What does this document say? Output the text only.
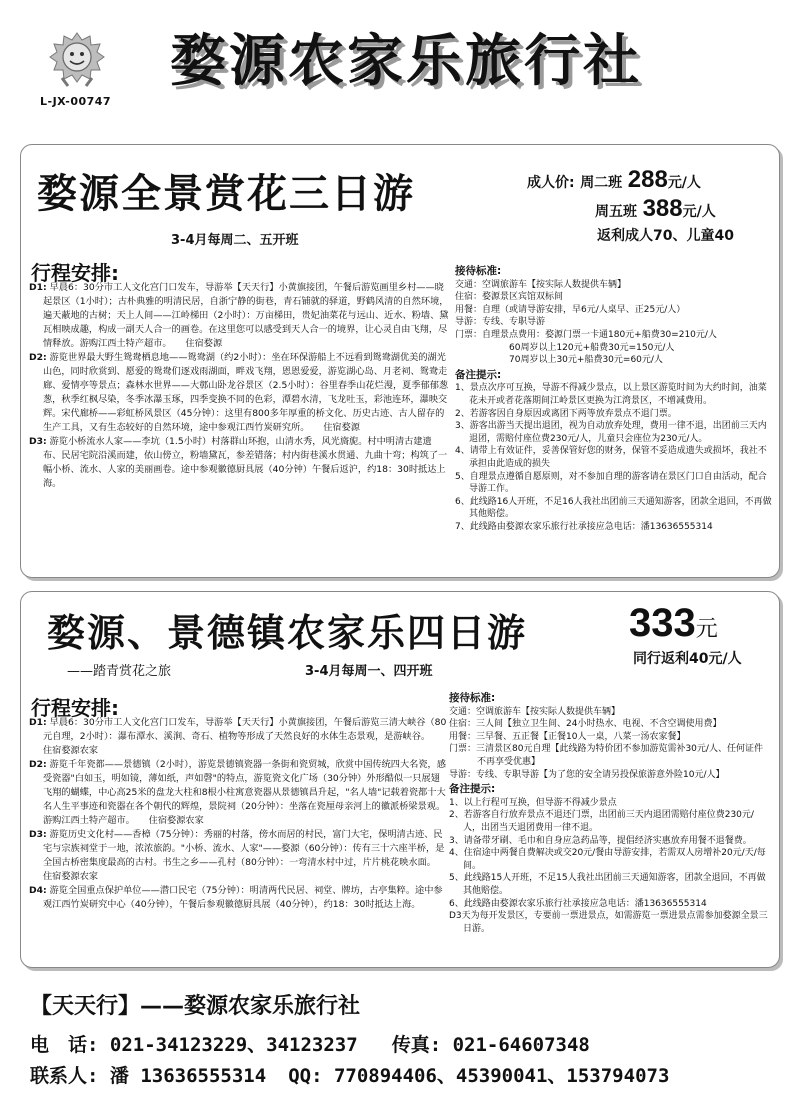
L-JX-00747
婺源农家乐旅行社
婺源全景赏花三日游
3-4月每周二、五开班
成人价: 周二班 288元/人
周五班 388元/人
返利成人70、儿童40
行程安排:

D1: 早晨6：30分市工人文化宫门口发车，导游举【天天行】小黄旗接团，午餐后游览画里乡村——晓起景区（1小时）；古朴典雅的明清民居，自浙宁静的街巷，青石铺就的驿道，野鹤风清的自然环境，遍天蔽地的古树；天上人间——江岭梯田（2小时）：万亩梯田，贵妃油菜花与远山、近水、粉墙、黛瓦相映成趣，构成一副天人合一的画卷。在这里您可以感受到天人合一的境界，让心灵自由飞翔，尽情释放。游购江西土特产超市。　　住宿婺源

D2: 游览世界最大野生鸳鸯栖息地——鸳鸯湖（约2小时）：坐在环保游船上不远看到鸳鸯湖优美的湖光山色，同时欣赏到、愿爱的鸳鸯们逐戏雨湖面，畔戏飞翔，恩恩爱爱，游览湖心岛、月老祠、鸳鸯走廊、爱情亭等景点；森林水世界——大鄣山卧龙谷景区（2.5小时）：谷里春季山花烂漫，夏季郁郁葱葱，秋季红枫尽染，冬季冰瀑玉琢，四季变换不同的色彩，潭碧水清，飞龙吐玉，彩池连环，瀑映交辉。宋代廊桥——彩虹桥风景区（45分钟）：这里有800多年厚重的桥文化、历史古迹、古人留存的生产工具，又有生态较好的自然环境，途中参观江西竹炭研究所。　　住宿婺源

D3: 游览小桥流水人家——李坑（1.5小时）村落群山环抱，山清水秀，风光旖旎。村中明清古建遗布、民居宅院沿溪而建，依山傍立，粉墙黛瓦，参差错落；村内街巷溪水贯通、九曲十弯；构筑了一幅小桥、流水、人家的美丽画卷。途中参观徽德厨具展（40分钟）午餐后返沪，约18：30时抵达上海。

接待标准:
交通：空调旅游车【按实际人数提供车辆】
住宿：婺源景区宾馆双标间
用餐：自理（或请导游安排，早6元/人桌早、正25元/人）
导游：专线、专职导游
门票：自理景点费用：婺源门票一卡通180元+船费30=210元/人
60周岁以上120元+船费30元=150元/人
70周岁以上30元+船费30元=60元/人
备注提示:
1、景点次序可互换，导游不得减少景点，以上景区游览时间为大约时间，油菜花未开或者花落期间江岭景区更换为江湾景区，不增减费用。
2、若游客因自身原因或离团下两等放弃景点不退门票。
3、游客出游当天提出退团，视为自动放弃处理，费用一律不退，出团前三天内退团，需赔付座位费230元/人，儿童只会座位为230元/人。
4、请带上有效证件，妥善保管好您的财务，保管不妥造成遗失或损坏，我社不承担由此造成的损失
5、自理景点遵循自愿原则，对不参加自理的游客请在景区门口自由活动，配合导游工作。
6、此线路16人开班，不足16人我社出团前三天通知游客，团款全退回，不再做其他赔偿。
7、此线路由婺源农家乐旅行社承接应急电话：潘13636555314
婺源、景德镇农家乐四日游
——踏青赏花之旅	3-4月每周一、四开班
333元
同行返利40元/人
行程安排:

D1: 早晨6：30分市工人文化宫门口发车，导游举【天天行】小黄旗接团，午餐后游览三清大峡谷（80元自理，2小时）：瀑布潭水、溪涧、奇石、植物等形成了天然良好的水体生态景观，是游峡谷。　　住宿婺源农家

D2: 游览千年瓷都——景德镇（2小时），游览景德镇瓷器一条街和瓷贸城，欣赏中国传统四大名瓷，感受瓷器"白如玉，明如镜，薄如纸，声如磬"的特点，游览瓷文化广场（30分钟）外形酷似一只展翅飞翔的蝴蝶，中心高25米的盘龙大柱和8根小柱寓意瓷器从景德镇昌升起，"名人墙"记载着瓷都十大名人生平事迹和瓷器在各个朝代的辉煌，景院祠（20分钟）：坐落在瓷厘母亲河上的徽派桥梁景观。游购江西土特产超市。　　住宿婺源农家

D3: 游览历史文化村——香樟（75分钟）：秀丽的村落，傍水而居的村民，富门大宅，保明清古迹、民宅与宗族祠堂于一地，浓浓旅韵。"小桥、流水、人家"——婺源（60分钟）：传有三十六座半桥，是全国古桥密集度最高的古村。书生之乡——孔村（80分钟）：一弯清水村中过，片片桃花映水面。　　住宿婺源农家

D4: 游览全国重点保护单位——潜口民宅（75分钟）：明清两代民居、祠堂、牌坊，古亭集粹。途中参观江西竹炭研究中心（40分钟），午餐后参观徽德厨具展（40分钟），约18：30时抵达上海。

接待标准:
交通：空调旅游车【按实际人数提供车辆】
住宿：三人间【独立卫生间、24小时热水、电视、不含空调使用费】
用餐：三早餐、五正餐【正餐10人一桌，八菜一汤农家餐】
门票：三清景区80元自理【此线路为特价团不参加游览需补30元/人、任何证件不再享受优惠】
导游：专线、专职导游【为了您的安全请另投保旅游意外险10元/人】
备注提示:
1、以上行程可互换，但导游不得减少景点
2、若游客自行放弃景点不退还门票，出团前三天内退团需赔付座位费230元/人，出团当天退团费用一律不退。
3、请备带牙刷、毛巾和自身应急药品等，提倡经济实惠放弃用餐不退餐费。
4、住宿途中两餐自费解决或交20元/餐由导游安排，若需双人房增补20元/天/每间。
5、此线路15人开班，不足15人我社出团前三天通知游客，团款全退回，不再做其他赔偿。
6、此线路由婺源农家乐旅行社承接应急电话：潘13636555314
D3天为每开发景区，专要前一票进景点，如需游览一票进景点需参加婺源全景三日游。
【天天行】——婺源农家乐旅行社
电　话: 021-34123229、34123237 传真: 021-64607348
联系人: 潘 13636555314 QQ: 770894406、45390041、153794073
